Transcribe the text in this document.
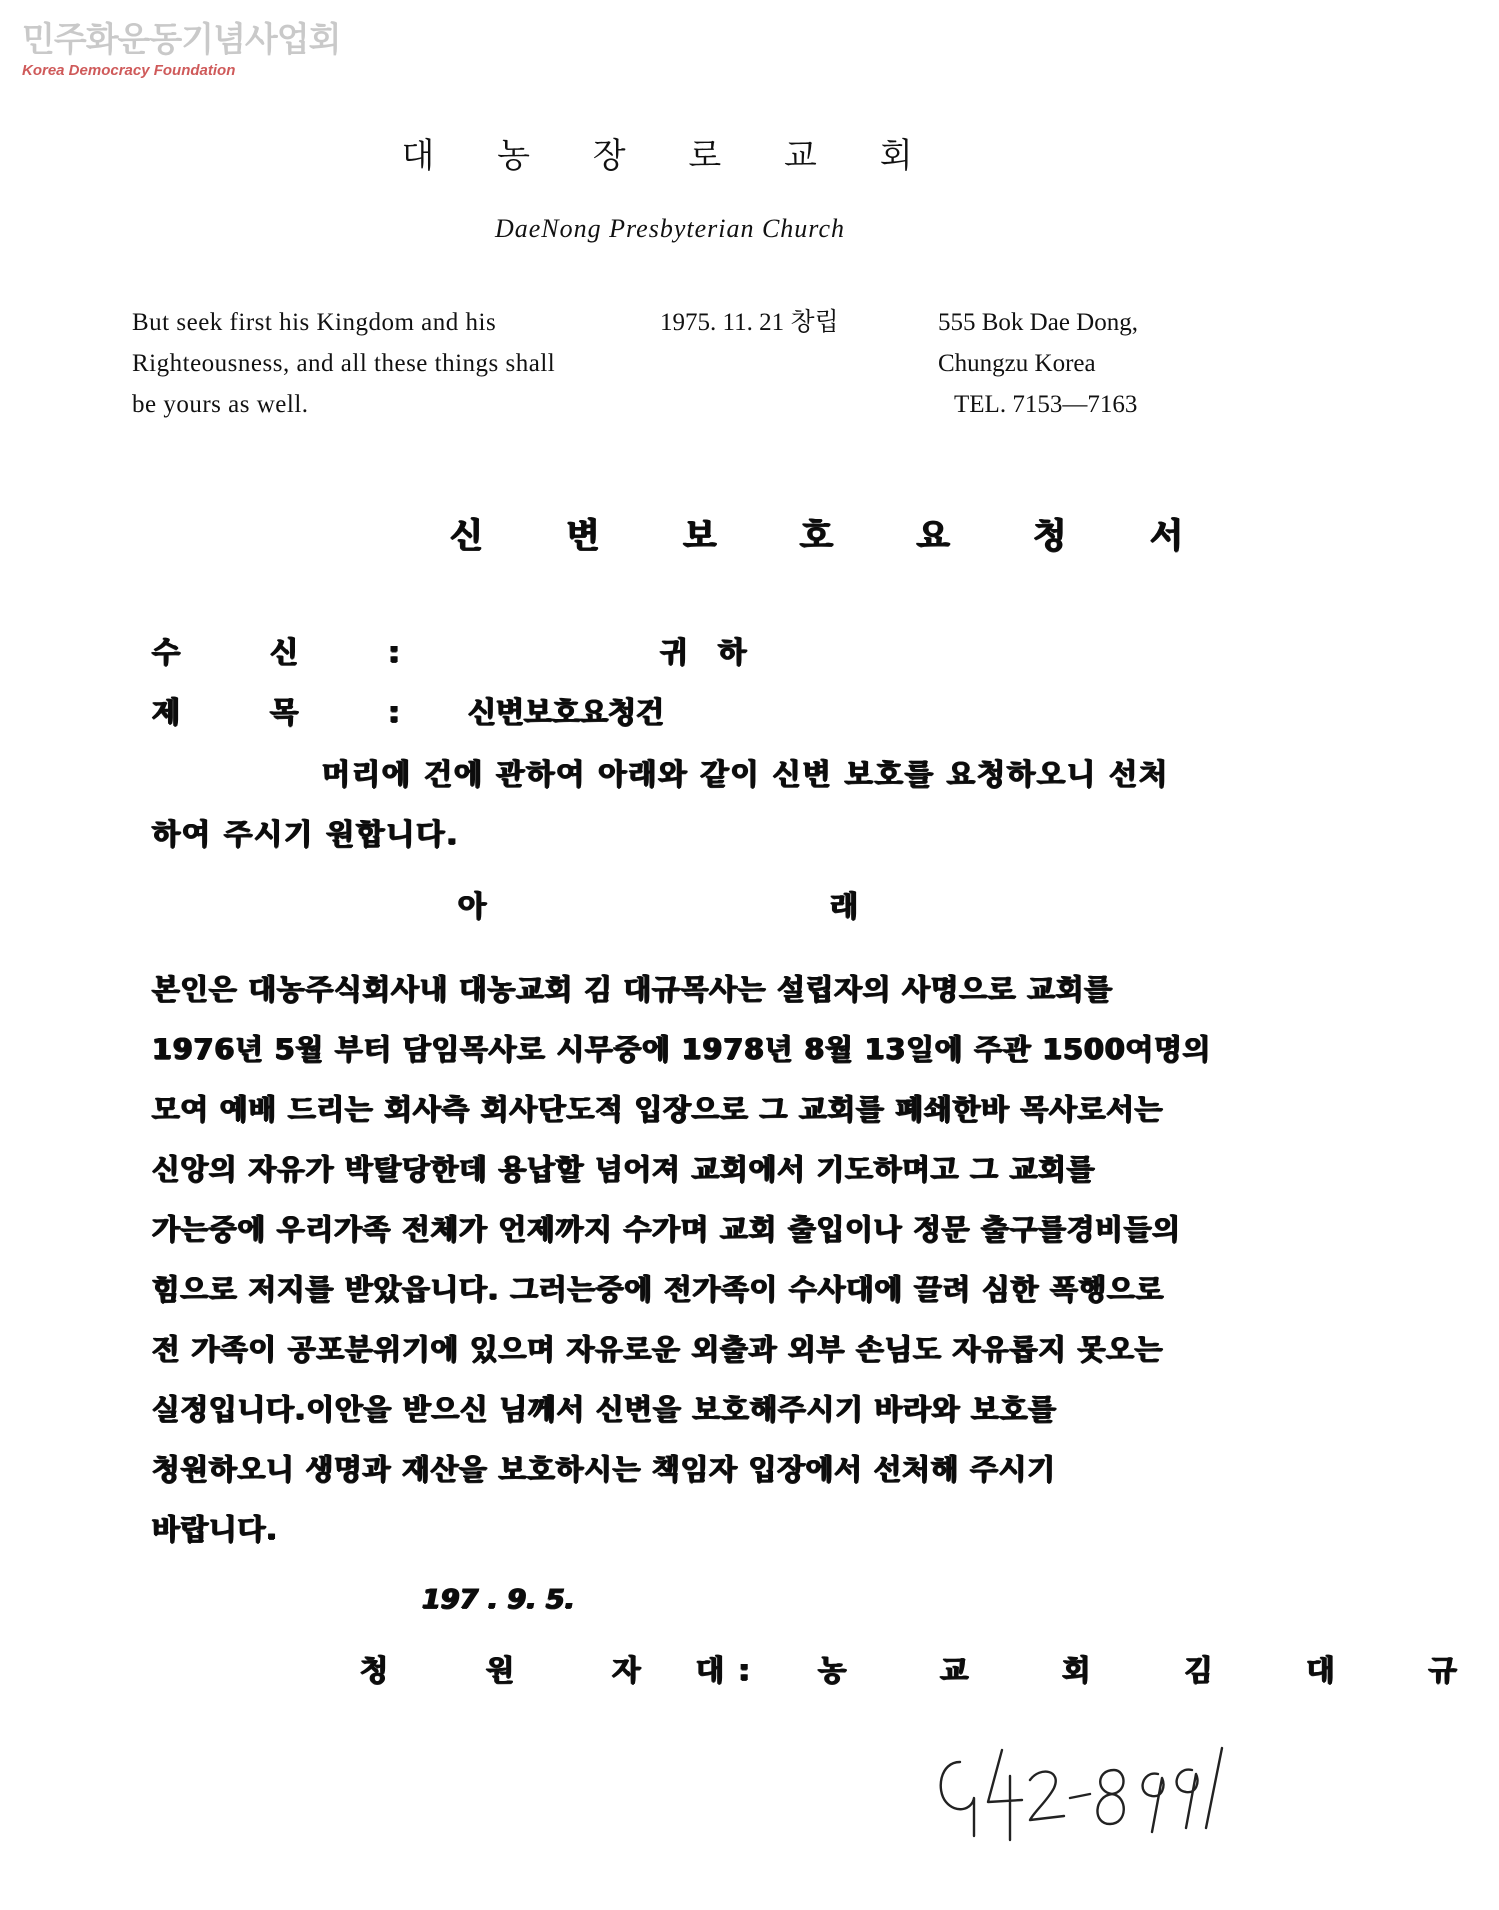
민주화운동기념사업회
Korea Democracy Foundation
대 농 장 로 교 회
DaeNong Presbyterian Church
But seek first his Kingdom and his
Righteousness, and all these things shall
be yours as well.
1975. 11. 21 창립	555 Bok Dae Dong,
Chungzu Korea
TEL. 7153—7163
신 변 보 호 요 청 서
수 신 :	귀 하
제 목 : 신변보호요청건
머리에 건에 관하여 아래와 같이 신변 보호를 요청하오니 선처
하여 주시기 원합니다.
아	래
본인은 대농주식회사내 대농교회 김 대규목사는 설립자의 사명으로 교회를
1976년 5월 부터 담임목사로 시무중에 1978년 8월 13일에 주관 1500여명의
모여 예배 드리는 회사측 회사단도적 입장으로 그 교회를 폐쇄한바 목사로서는
신앙의 자유가 박탈당한데 용납할 넘어져 교회에서 기도하며고 그 교회를
가는중에 우리가족 전체가 언제까지 수가며 교회 출입이나 정문 출구를경비들의
힘으로 저지를 받았읍니다. 그러는중에 전가족이 수사대에 끌려 심한 폭행으로
전 가족이 공포분위기에 있으며 자유로운 외출과 외부 손님도 자유롭지 못오는
실정입니다.이안을 받으신 님께서 신변을 보호해주시기 바라와 보호를
청원하오니 생명과 재산을 보호하시는 책임자 입장에서 선처해 주시기
바랍니다.
197 . 9. 5.
청 원 자 :
대 농 교 회 김 대 규
G42-8991
